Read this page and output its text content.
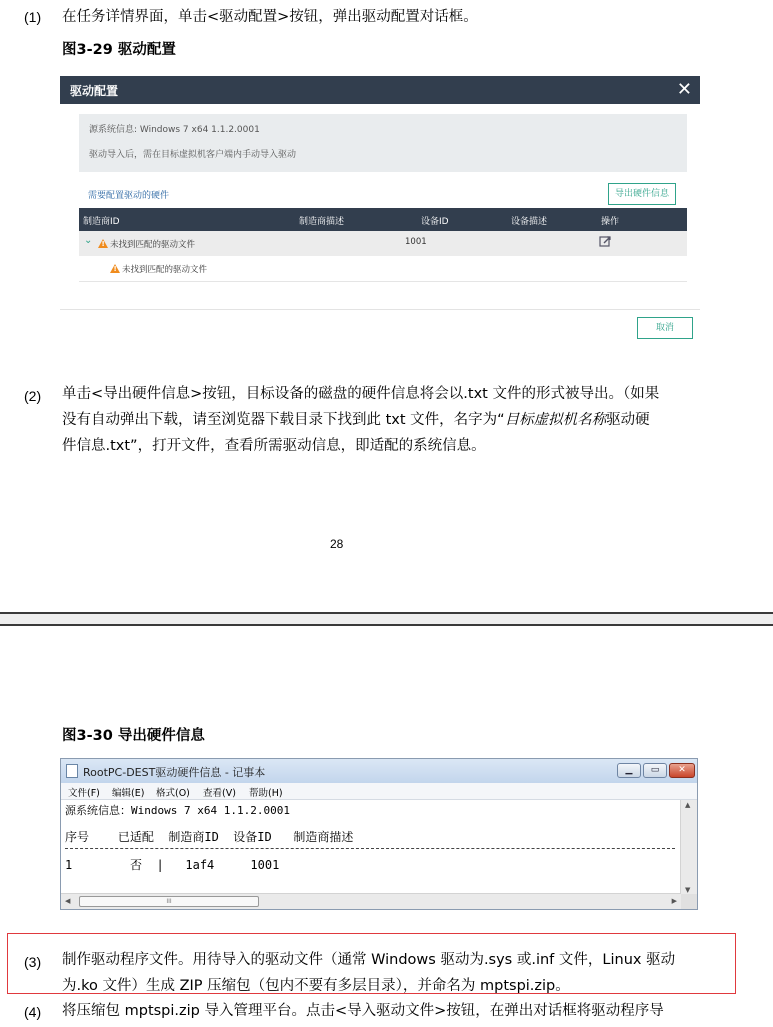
(1) 在任务详情界面，单击<驱动配置>按钮，弹出驱动配置对话框。
图3-29 驱动配置
驱动配置	✕
源系统信息: Windows 7 x64 1.1.2.0001
驱动导入后，需在目标虚拟机客户端内手动导入驱动
需要配置驱动的硬件	导出硬件信息
制造商ID	制造商描述	设备ID	设备描述	操作
⌄
!	未找到匹配的驱动文件	1001
!未找到匹配的驱动文件
取消
(2) 单击<导出硬件信息>按钮，目标设备的磁盘的硬件信息将会以.txt 文件的形式被导出。（如果
没有自动弹出下载，请至浏览器下载目录下找到此 txt 文件，名字为“目标虚拟机名称驱动硬
件信息.txt”，打开文件，查看所需驱动信息，即适配的系统信息。
28
图3-30 导出硬件信息
RootPC-DEST驱动硬件信息 - 记事本	▁	▭	✕
文件(F) 编辑(E) 格式(O) 查看(V) 帮助(H)
源系统信息：Windows 7 x64 1.1.2.0001
序号    已适配  制造商ID  设备ID   制造商描述
1        否  |   1af4     1001
▲
▼
◀	III	▶
(3) 制作驱动程序文件。用待导入的驱动文件（通常 Windows 驱动为.sys 或.inf 文件，Linux 驱动
为.ko 文件）生成 ZIP 压缩包（包内不要有多层目录），并命名为 mptspi.zip。
(4) 将压缩包 mptspi.zip 导入管理平台。点击<导入驱动文件>按钮，在弹出对话框将驱动程序导
